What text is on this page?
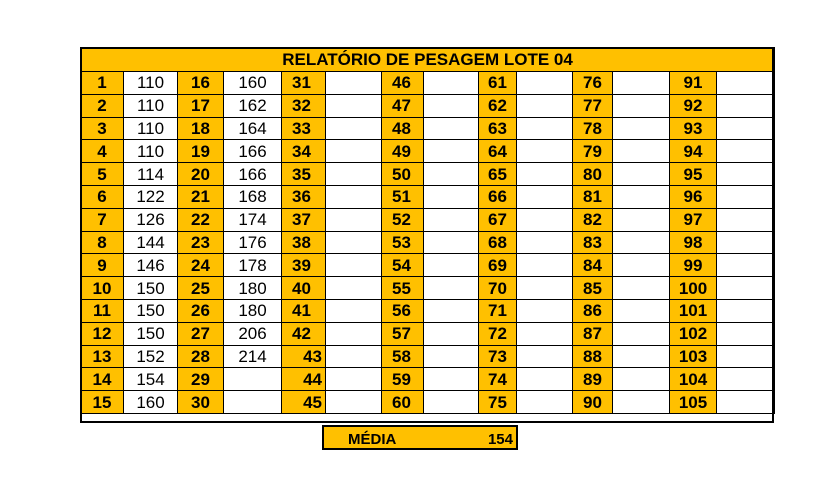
RELATÓRIO DE PESAGEM LOTE 04													
1	110	16	160	31		46		61		76		91	
2	110	17	162	32		47		62		77		92	
3	110	18	164	33		48		63		78		93	
4	110	19	166	34		49		64		79		94	
5	114	20	166	35		50		65		80		95	
6	122	21	168	36		51		66		81		96	
7	126	22	174	37		52		67		82		97	
8	144	23	176	38		53		68		83		98	
9	146	24	178	39		54		69		84		99	
10	150	25	180	40		55		70		85		100	
11	150	26	180	41		56		71		86		101	
12	150	27	206	42		57		72		87		102	
13	152	28	214	43		58		73		88		103	
14	154	29		44		59		74		89		104	
15	160	30		45		60		75		90		105	
MÉDIA	154
